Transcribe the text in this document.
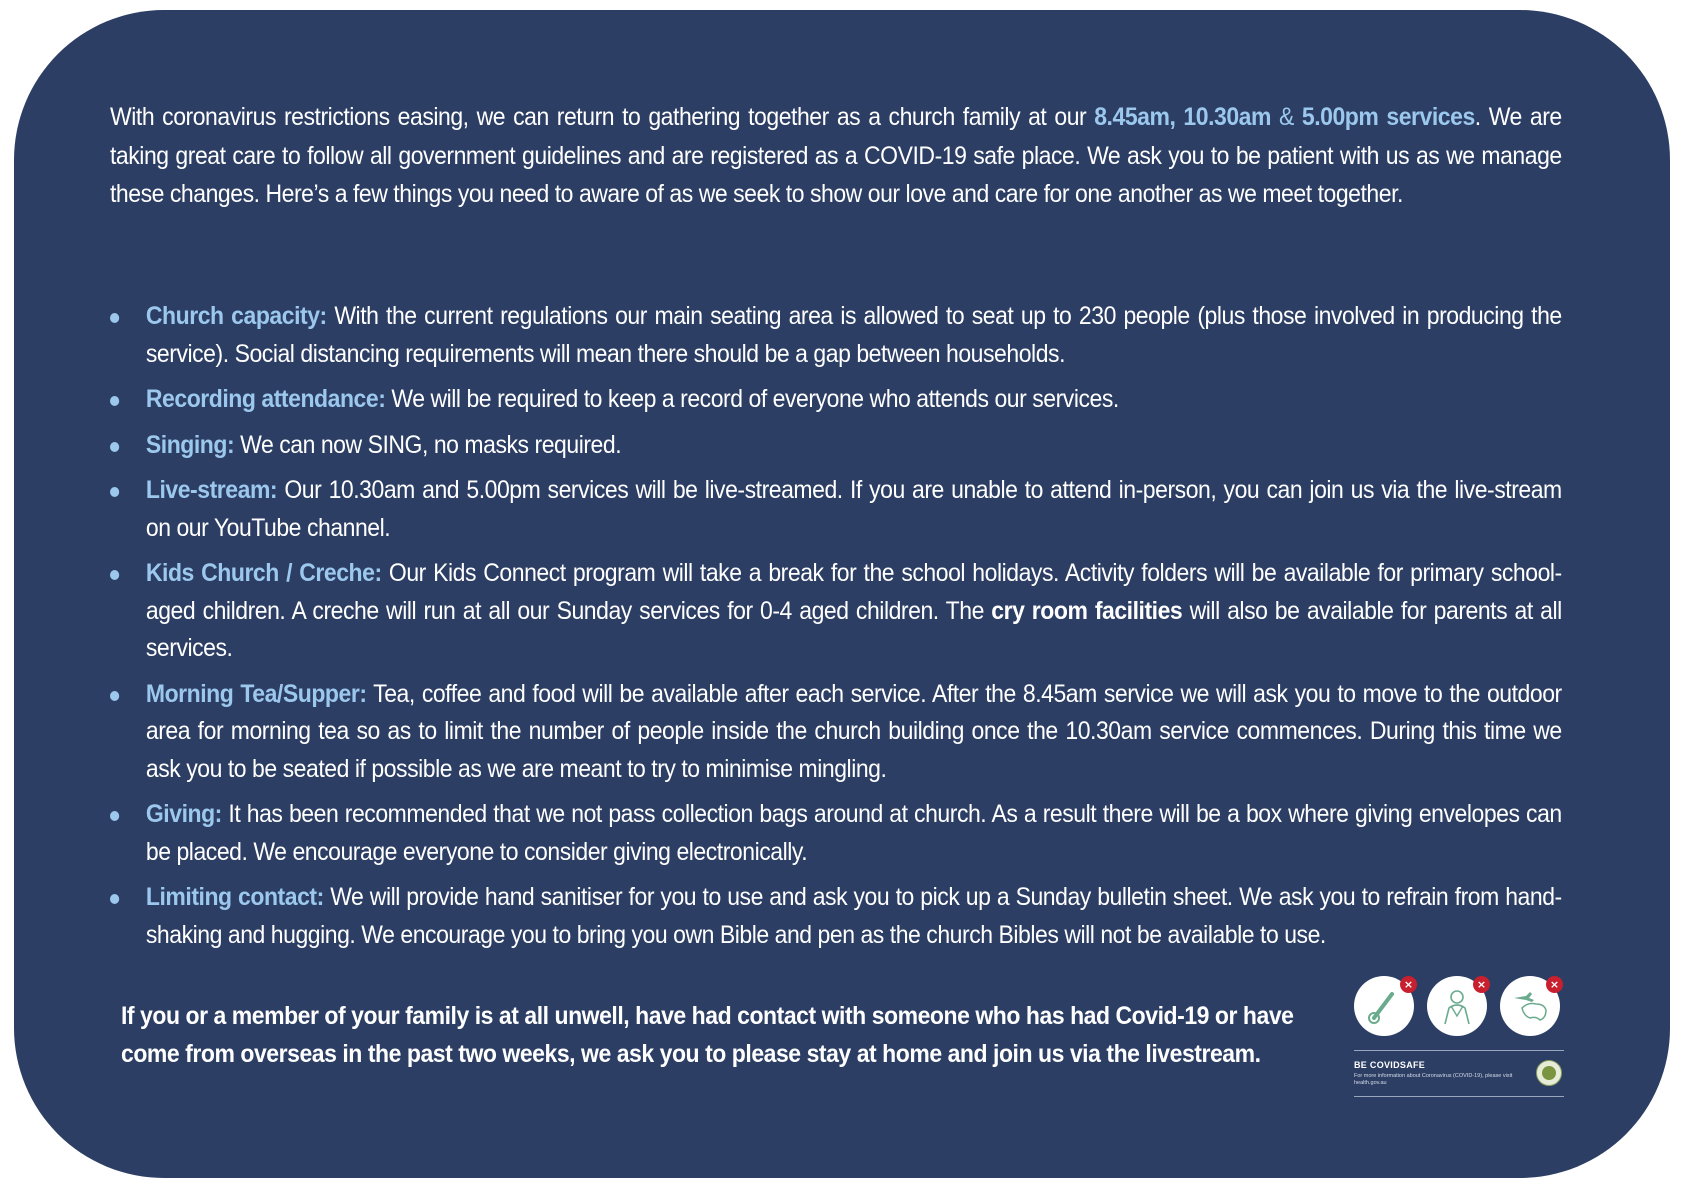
With coronavirus restrictions easing, we can return to gathering together as a church family at our 8.45am, 10.30am & 5.00pm services. We are taking great care to follow all government guidelines and are registered as a COVID-19 safe place. We ask you to be patient with us as we manage these changes. Here’s a few things you need to aware of as we seek to show our love and care for one another as we meet together.

Church capacity: With the current regulations our main seating area is allowed to seat up to 230 people (plus those involved in producing the service). Social distancing requirements will mean there should be a gap between households.
Recording attendance: We will be required to keep a record of everyone who attends our services.
Singing: We can now SING, no masks required.
Live-stream: Our 10.30am and 5.00pm services will be live-streamed. If you are unable to attend in-person, you can join us via the live-stream on our YouTube channel.
Kids Church / Creche: Our Kids Connect program will take a break for the school holidays. Activity folders will be available for primary school-aged children. A creche will run at all our Sunday services for 0-4 aged children. The cry room facilities will also be available for parents at all services.
Morning Tea/Supper: Tea, coffee and food will be available after each service. After the 8.45am service we will ask you to move to the outdoor area for morning tea so as to limit the number of people inside the church building once the 10.30am service commences. During this time we ask you to be seated if possible as we are meant to try to minimise mingling.
Giving: It has been recommended that we not pass collection bags around at church. As a result there will be a box where giving envelopes can be placed. We encourage everyone to consider giving electronically.
Limiting contact: We will provide hand sanitiser for you to use and ask you to pick up a Sunday bulletin sheet. We ask you to refrain from hand-shaking and hugging. We encourage you to bring you own Bible and pen as the church Bibles will not be available to use.

If you or a member of your family is at all unwell, have had contact with someone who has had Covid-19 or have come from overseas in the past two weeks, we ask you to please stay at home and join us via the livestream.

×	×	×
BE COVIDSAFE
For more information about Coronavirus (COVID-19), please visit health.gov.au
